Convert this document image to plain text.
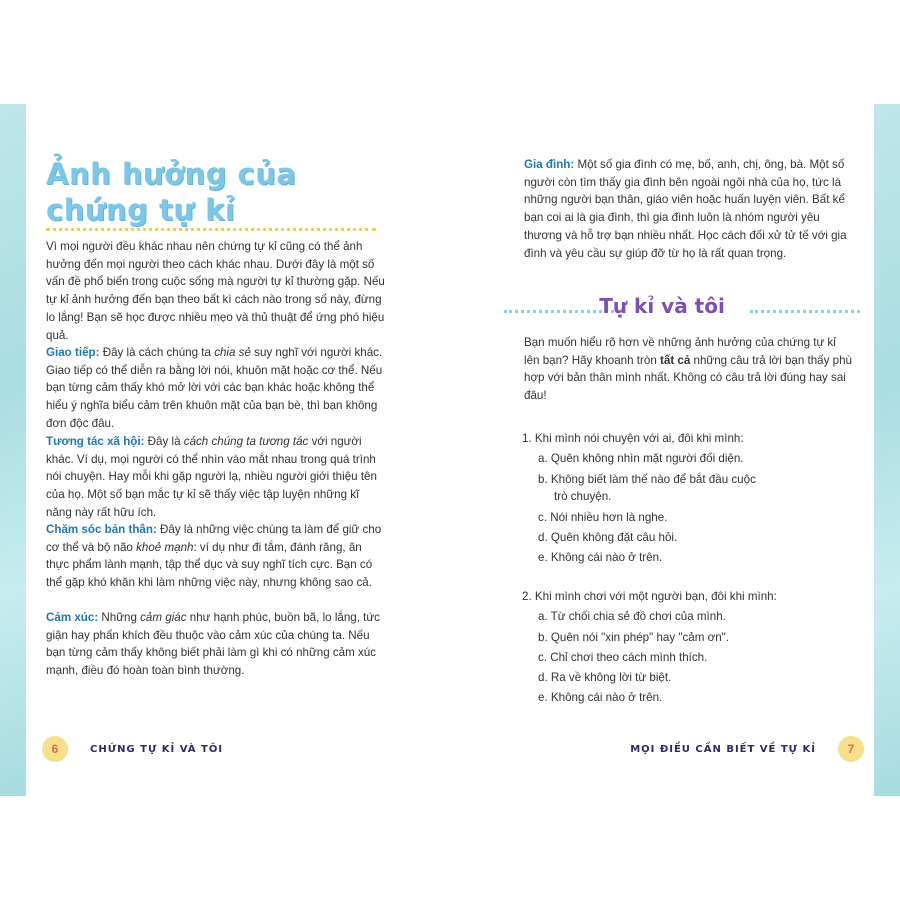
Ảnh hưởng của
chứng tự kỉ
Vì mọi người đều khác nhau nên chứng tự kỉ cũng có thể ảnh hưởng đến mọi người theo cách khác nhau. Dưới đây là một số vấn đề phổ biến trong cuộc sống mà người tự kỉ thường gặp. Nếu tự kỉ ảnh hưởng đến bạn theo bất kì cách nào trong số này, đừng lo lắng! Bạn sẽ học được nhiều mẹo và thủ thuật để ứng phó hiệu quả.
Giao tiếp: Đây là cách chúng ta chia sẻ suy nghĩ với người khác. Giao tiếp có thể diễn ra bằng lời nói, khuôn mặt hoặc cơ thể. Nếu bạn từng cảm thấy khó mở lời với các bạn khác hoặc không thể hiểu ý nghĩa biểu cảm trên khuôn mặt của bạn bè, thì bạn không đơn độc đâu.
Tương tác xã hội: Đây là cách chúng ta tương tác với người khác. Ví dụ, mọi người có thể nhìn vào mắt nhau trong quá trình nói chuyện. Hay mỗi khi gặp người lạ, nhiều người giới thiệu tên của họ. Một số bạn mắc tự kỉ sẽ thấy việc tập luyện những kĩ năng này rất hữu ích.
Chăm sóc bản thân: Đây là những việc chúng ta làm để giữ cho cơ thể và bộ não khoẻ mạnh: ví dụ như đi tắm, đánh răng, ăn thực phẩm lành mạnh, tập thể dục và suy nghĩ tích cực. Bạn có thể gặp khó khăn khi làm những việc này, nhưng không sao cả.
Cảm xúc: Những cảm giác như hạnh phúc, buồn bã, lo lắng, tức giận hay phấn khích đều thuộc vào cảm xúc của chúng ta. Nếu bạn từng cảm thấy không biết phải làm gì khi có những cảm xúc mạnh, điều đó hoàn toàn bình thường.
6	CHỨNG TỰ KỈ VÀ TÔI
Gia đình: Một số gia đình có mẹ, bố, anh, chị, ông, bà. Một số người còn tìm thấy gia đình bên ngoài ngôi nhà của họ, tức là những người bạn thân, giáo viên hoặc huấn luyện viên. Bất kể bạn coi ai là gia đình, thì gia đình luôn là nhóm người yêu thương và hỗ trợ bạn nhiều nhất. Học cách đối xử tử tế với gia đình và yêu cầu sự giúp đỡ từ họ là rất quan trọng.
Tự kỉ và tôi
Bạn muốn hiểu rõ hơn về những ảnh hưởng của chứng tự kỉ lên bạn? Hãy khoanh tròn tất cả những câu trả lời bạn thấy phù hợp với bản thân mình nhất. Không có câu trả lời đúng hay sai đâu!
1. Khi mình nói chuyện với ai, đôi khi mình:
a. Quên không nhìn mặt người đối diện.
b. Không biết làm thế nào để bắt đầu cuộc
trò chuyện.
c. Nói nhiều hơn là nghe.
d. Quên không đặt câu hỏi.
e. Không cái nào ở trên.
2. Khi mình chơi với một người bạn, đôi khi mình:
a. Từ chối chia sẻ đồ chơi của mình.
b. Quên nói "xin phép" hay "cảm ơn".
c. Chỉ chơi theo cách mình thích.
d. Ra về không lời từ biệt.
e. Không cái nào ở trên.
MỌI ĐIỀU CẦN BIẾT VỀ TỰ KỈ	7
